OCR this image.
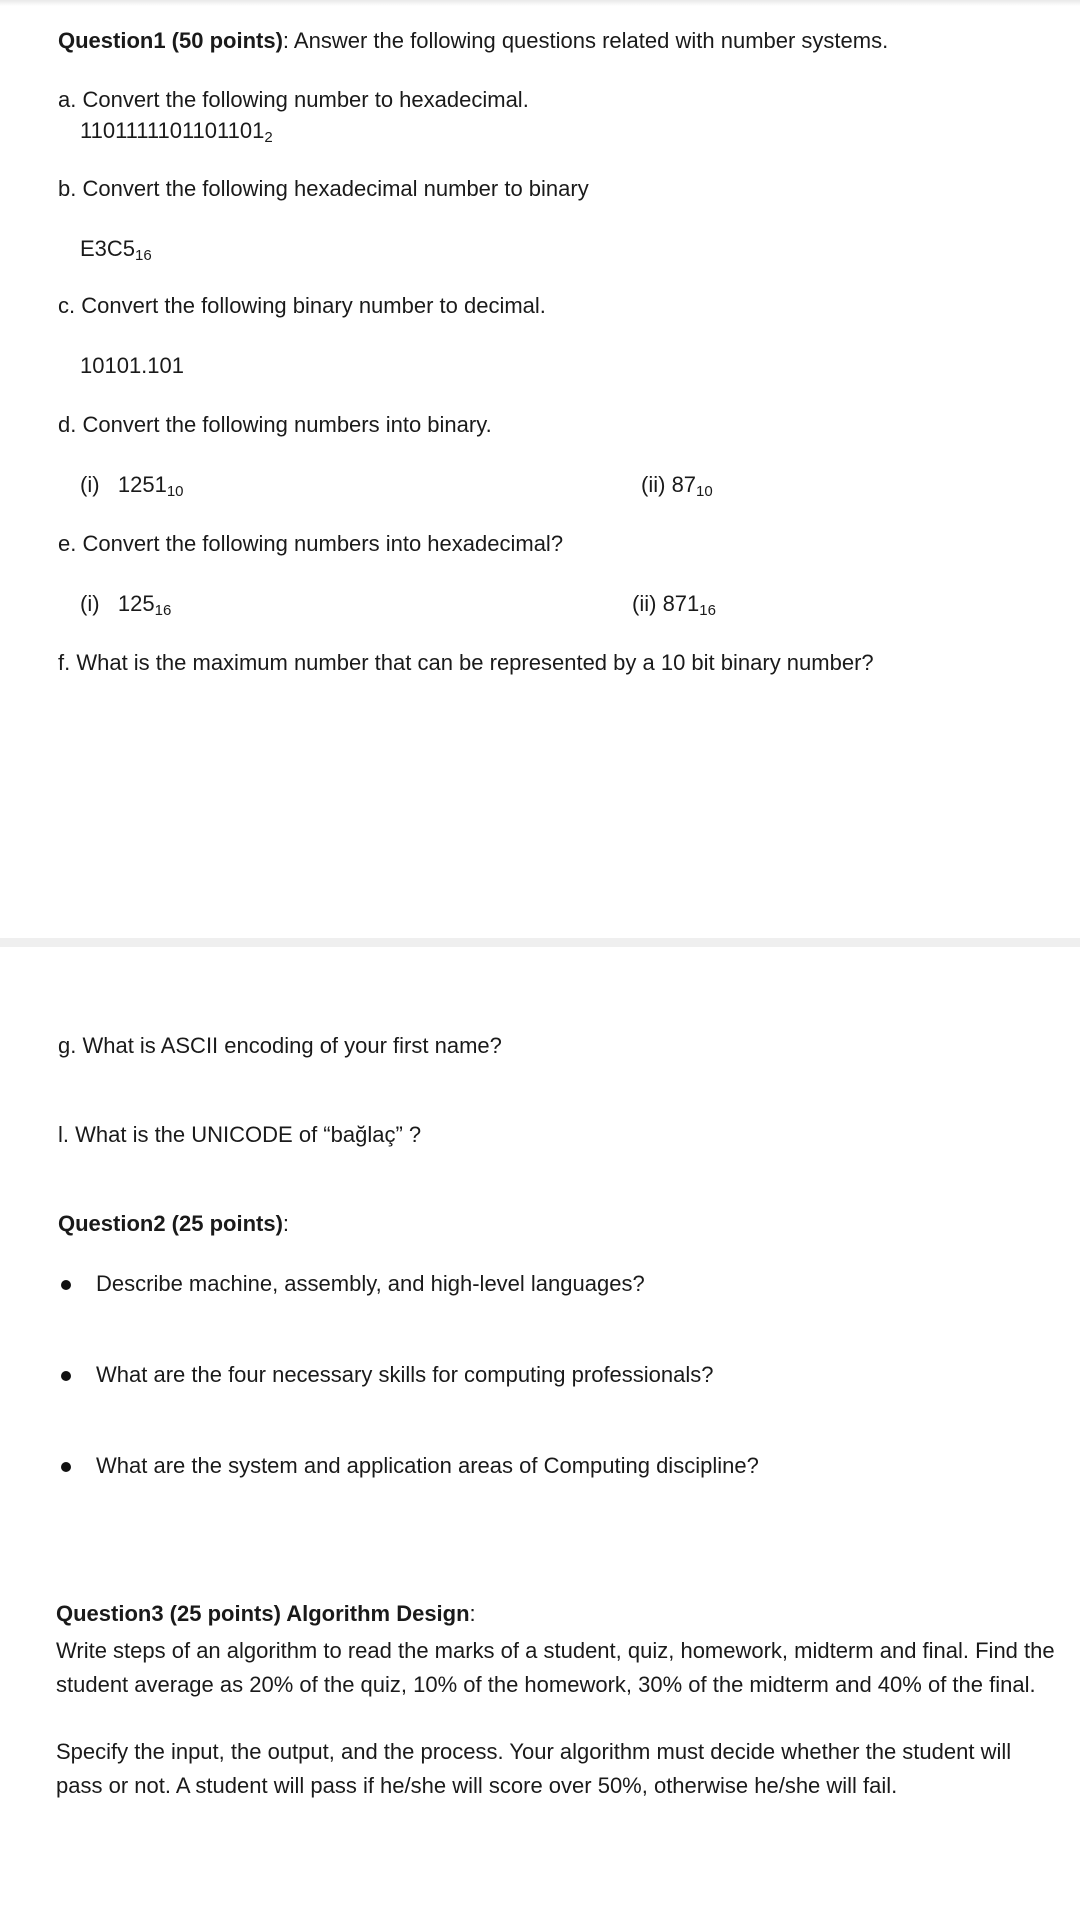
Question1 (50 points): Answer the following questions related with number systems.
a. Convert the following number to hexadecimal.
$1101111101101101_2$
b. Convert the following hexadecimal number to binary
$E3C5_{16}$
c. Convert the following binary number to decimal.
10101.101
d. Convert the following numbers into binary.
(i) $1251_{10}$	(ii) $87_{10}$
e. Convert the following numbers into hexadecimal?
(i) $125_{16}$	(ii) $871_{16}$
f. What is the maximum number that can be represented by a 10 bit binary number?
g. What is ASCII encoding of your first name?
l. What is the UNICODE of “bağlaç” ?
Question2 (25 points):
Describe machine, assembly, and high-level languages?
What are the four necessary skills for computing professionals?
What are the system and application areas of Computing discipline?
Question3 (25 points) Algorithm Design:
Write steps of an algorithm to read the marks of a student, quiz, homework, midterm and final. Find the student average as 20% of the quiz, 10% of the homework, 30% of the midterm and 40% of the final.
Specify the input, the output, and the process. Your algorithm must decide whether the student will pass or not. A student will pass if he/she will score over 50%, otherwise he/she will fail.
